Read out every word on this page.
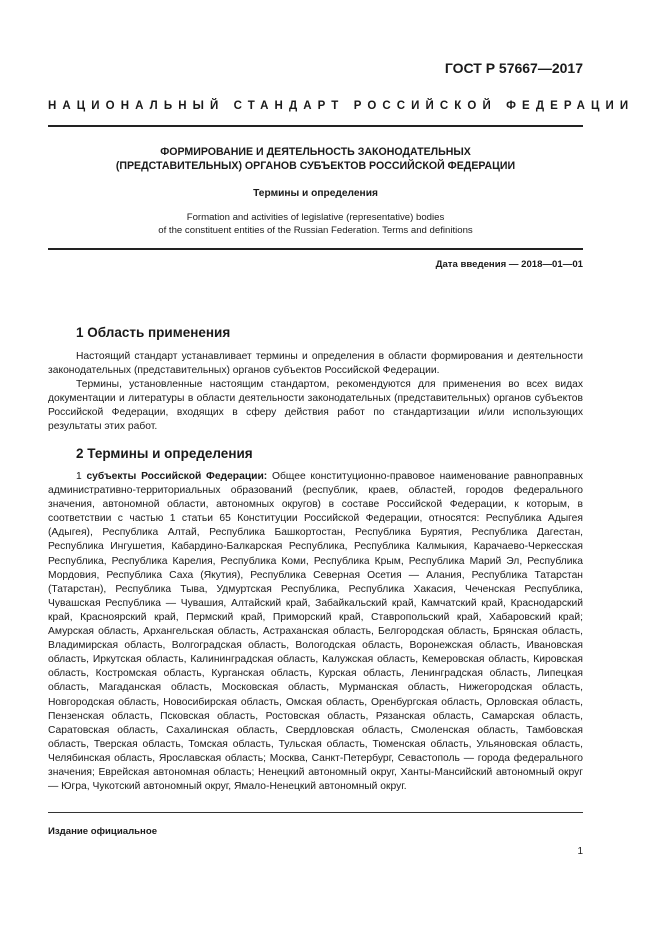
ГОСТ Р 57667—2017
НАЦИОНАЛЬНЫЙ СТАНДАРТ РОССИЙСКОЙ ФЕДЕРАЦИИ
ФОРМИРОВАНИЕ И ДЕЯТЕЛЬНОСТЬ ЗАКОНОДАТЕЛЬНЫХ
(ПРЕДСТАВИТЕЛЬНЫХ) ОРГАНОВ СУБЪЕКТОВ РОССИЙСКОЙ ФЕДЕРАЦИИ
Термины и определения
Formation and activities of legislative (representative) bodies
of the constituent entities of the Russian Federation. Terms and definitions
Дата введения — 2018—01—01
1 Область применения
Настоящий стандарт устанавливает термины и определения в области формирования и деятельности законодательных (представительных) органов субъектов Российской Федерации.
Термины, установленные настоящим стандартом, рекомендуются для применения во всех видах документации и литературы в области деятельности законодательных (представительных) органов субъектов Российской Федерации, входящих в сферу действия работ по стандартизации и/или использующих результаты этих работ.
2 Термины и определения
1 субъекты Российской Федерации: Общее конституционно-правовое наименование равноправных административно-территориальных образований (республик, краев, областей, городов федерального значения, автономной области, автономных округов) в составе Российской Федерации, к которым, в соответствии с частью 1 статьи 65 Конституции Российской Федерации, относятся: Республика Адыгея (Адыгея), Республика Алтай, Республика Башкортостан, Республика Бурятия, Республика Дагестан, Республика Ингушетия, Кабардино-Балкарская Республика, Республика Калмыкия, Карачаево-Черкесская Республика, Республика Карелия, Республика Коми, Республика Крым, Республика Марий Эл, Республика Мордовия, Республика Саха (Якутия), Республика Северная Осетия — Алания, Республика Татарстан (Татарстан), Республика Тыва, Удмуртская Республика, Республика Хакасия, Чеченская Республика, Чувашская Республика — Чувашия, Алтайский край, Забайкальский край, Камчатский край, Краснодарский край, Красноярский край, Пермский край, Приморский край, Ставропольский край, Хабаровский край; Амурская область, Архангельская область, Астраханская область, Белгородская область, Брянская область, Владимирская область, Волгоградская область, Вологодская область, Воронежская область, Ивановская область, Иркутская область, Калининградская область, Калужская область, Кемеровская область, Кировская область, Костромская область, Курганская область, Курская область, Ленинградская область, Липецкая область, Магаданская область, Московская область, Мурманская область, Нижегородская область, Новгородская область, Новосибирская область, Омская область, Оренбургская область, Орловская область, Пензенская область, Псковская область, Ростовская область, Рязанская область, Самарская область, Саратовская область, Сахалинская область, Свердловская область, Смоленская область, Тамбовская область, Тверская область, Томская область, Тульская область, Тюменская область, Ульяновская область, Челябинская область, Ярославская область; Москва, Санкт-Петербург, Севастополь — города федерального значения; Еврейская автономная область; Ненецкий автономный округ, Ханты-Мансийский автономный округ — Югра, Чукотский автономный округ, Ямало-Ненецкий автономный округ.
Издание официальное
1
